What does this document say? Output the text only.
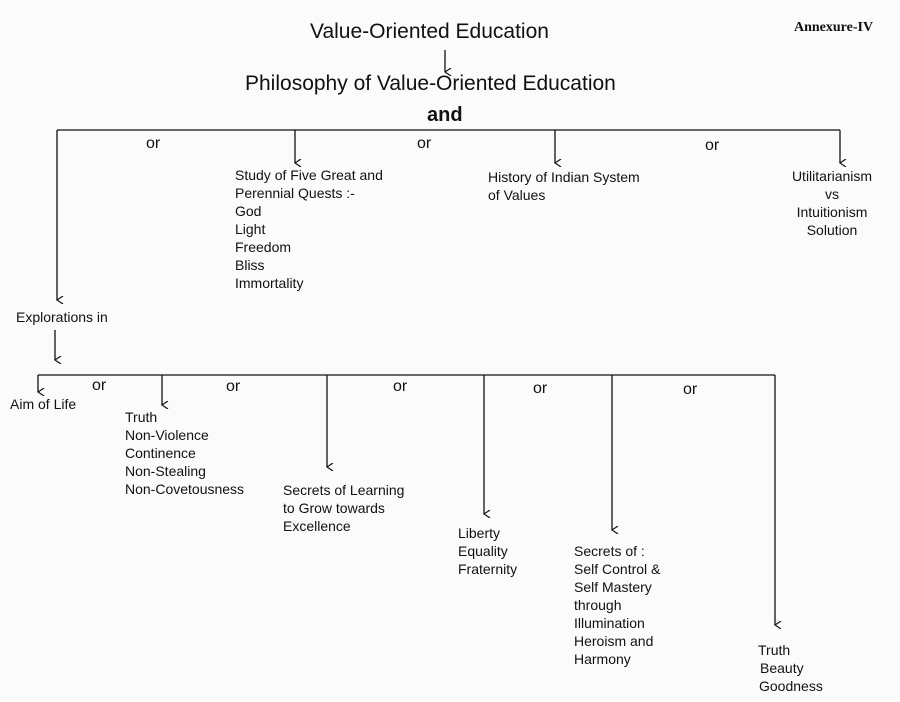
Value-Oriented Education	Annexure-IV
Philosophy of Value-Oriented Education
and
or	or	or
Study of Five Great and
Perennial Quests :-
God
Light
Freedom
Bliss
Immortality
History of Indian System
of Values
Utilitarianism
vs
Intuitionism
Solution
Explorations in
or	or	or	or	or
Aim of Life
Truth
Non-Violence
Continence
Non-Stealing
Non-Covetousness	Secrets of Learning
to Grow towards
Excellence	Liberty
Equality
Fraternity
Secrets of :
Self Control &
Self Mastery
through
Illumination
Heroism and
Harmony
Truth
Beauty
Goodness
